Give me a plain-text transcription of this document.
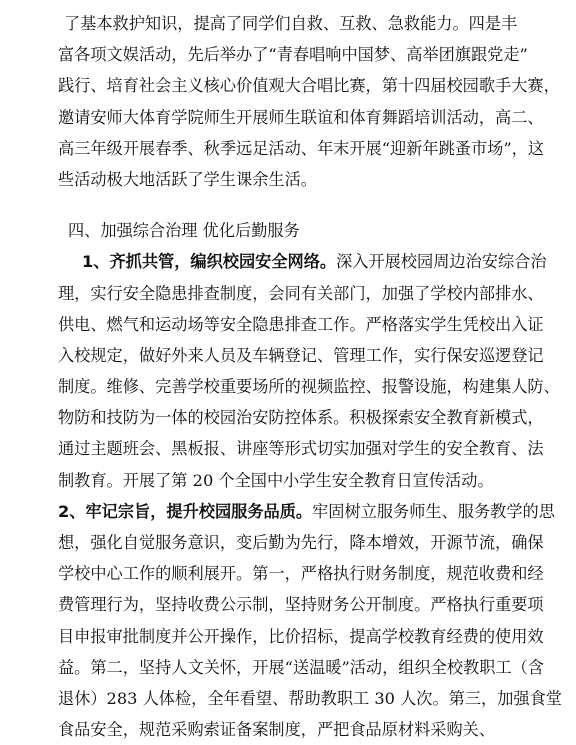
了基本救护知识，提高了同学们自救、互救、急救能力。四是丰
富各项文娱活动，先后举办了“青春唱响中国梦、高举团旗跟党走”
践行、培育社会主义核心价值观大合唱比赛，第十四届校园歌手大赛，
邀请安师大体育学院师生开展师生联谊和体育舞蹈培训活动，高二、
高三年级开展春季、秋季远足活动、年末开展“迎新年跳蚤市场”，这
些活动极大地活跃了学生课余生活。
四、加强综合治理 优化后勤服务
1、齐抓共管，编织校园安全网络。深入开展校园周边治安综合治
理，实行安全隐患排查制度，会同有关部门，加强了学校内部排水、
供电、燃气和运动场等安全隐患排查工作。严格落实学生凭校出入证
入校规定，做好外来人员及车辆登记、管理工作，实行保安巡逻登记
制度。维修、完善学校重要场所的视频监控、报警设施，构建集人防、
物防和技防为一体的校园治安防控体系。积极探索安全教育新模式，
通过主题班会、黑板报、讲座等形式切实加强对学生的安全教育、法
制教育。开展了第 20 个全国中小学生安全教育日宣传活动。
2、牢记宗旨，提升校园服务品质。牢固树立服务师生、服务教学的思
想，强化自觉服务意识，变后勤为先行，降本增效，开源节流，确保
学校中心工作的顺利展开。第一，严格执行财务制度，规范收费和经
费管理行为，坚持收费公示制，坚持财务公开制度。严格执行重要项
目申报审批制度并公开操作，比价招标，提高学校教育经费的使用效
益。第二，坚持人文关怀，开展“送温暖”活动，组织全校教职工（含
退休）283 人体检，全年看望、帮助教职工 30 人次。第三，加强食堂
食品安全，规范采购索证备案制度，严把食品原材料采购关、
